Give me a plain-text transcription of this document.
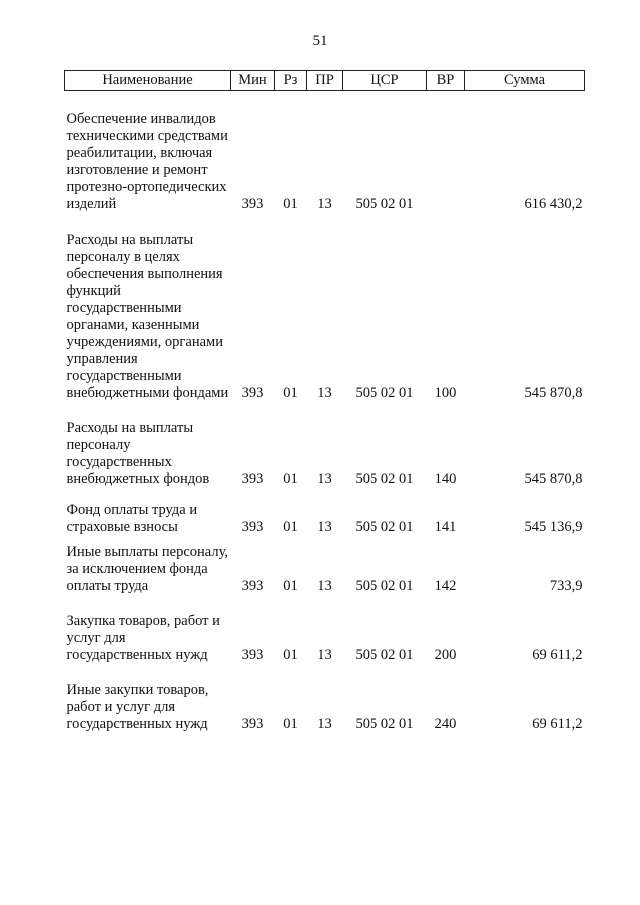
51
Наименование	Мин	Рз	ПР	ЦСР	ВР	Сумма

Обеспечение инвалидов техническими средствами реабилитации, включая изготовление и ремонт протезно-ортопедических изделий	393	01	13	505 02 01		616 430,2

Расходы на выплаты персоналу в целях обеспечения выполнения функций государственными органами, казенными учреждениями, органами управления государственными внебюджетными фондами	393	01	13	505 02 01	100	545 870,8

Расходы на выплаты персоналу государственных внебюджетных фондов	393	01	13	505 02 01	140	545 870,8

Фонд оплаты труда и страховые взносы	393	01	13	505 02 01	141	545 136,9

Иные выплаты персоналу, за исключением фонда оплаты труда	393	01	13	505 02 01	142	733,9

Закупка товаров, работ и услуг для государственных нужд	393	01	13	505 02 01	200	69 611,2

Иные закупки товаров, работ и услуг для государственных нужд	393	01	13	505 02 01	240	69 611,2
